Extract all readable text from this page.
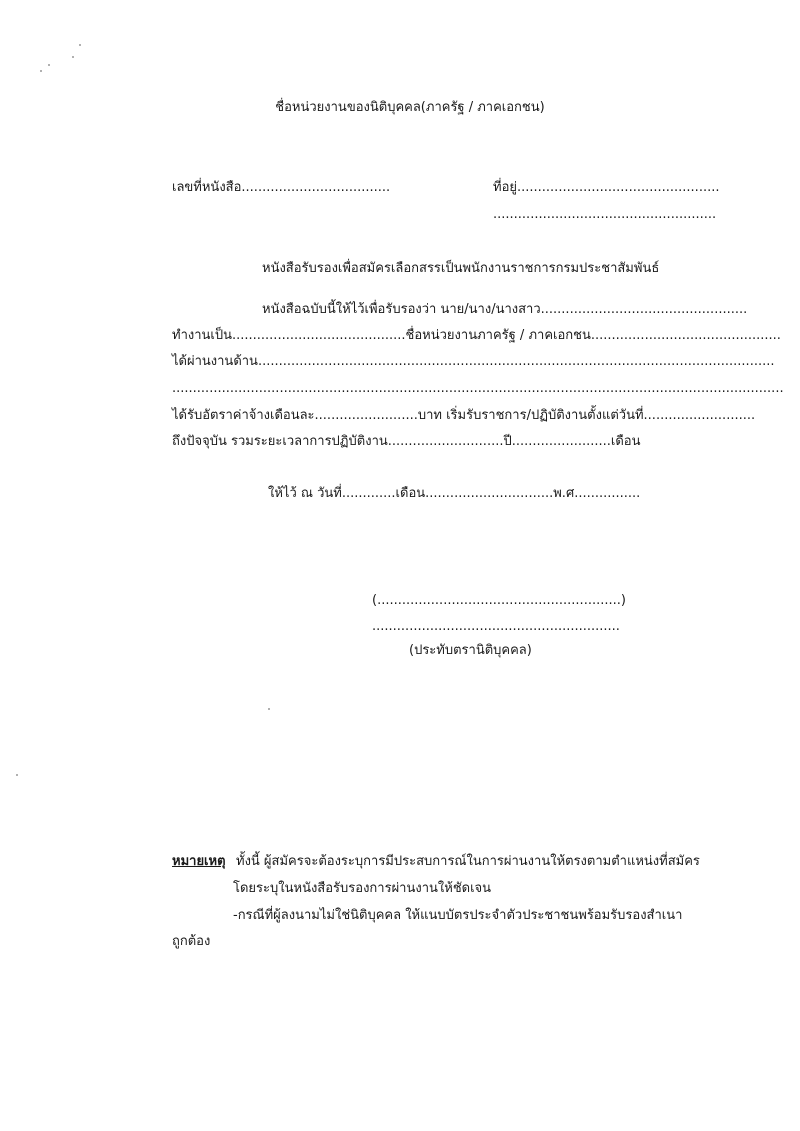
ชื่อหน่วยงานของนิติบุคคล(ภาครัฐ / ภาคเอกชน)
เลขที่หนังสือ....................................	ที่อยู่.................................................
......................................................
หนังสือรับรองเพื่อสมัครเลือกสรรเป็นพนักงานราชการกรมประชาสัมพันธ์
หนังสือฉบับนี้ให้ไว้เพื่อรับรองว่า นาย/นาง/นางสาว..................................................
ทำงานเป็น..........................................ชื่อหน่วยงานภาครัฐ / ภาคเอกชน..............................................
ได้ผ่านงานด้าน.............................................................................................................................
....................................................................................................................................................
ได้รับอัตราค่าจ้างเดือนละ.........................บาท เริ่มรับราชการ/ปฏิบัติงานตั้งแต่วันที่...........................
ถึงปัจจุบัน รวมระยะเวลาการปฏิบัติงาน............................ปี........................เดือน
ให้ไว้ ณ วันที่.............เดือน...............................พ.ศ................
(...........................................................)
............................................................
(ประทับตรานิติบุคคล)
หมายเหตุ ทั้งนี้ ผู้สมัครจะต้องระบุการมีประสบการณ์ในการผ่านงานให้ตรงตามตำแหน่งที่สมัคร
โดยระบุในหนังสือรับรองการผ่านงานให้ชัดเจน
-กรณีที่ผู้ลงนามไม่ใช่นิติบุคคล ให้แนบบัตรประจำตัวประชาชนพร้อมรับรองสำเนา
ถูกต้อง
